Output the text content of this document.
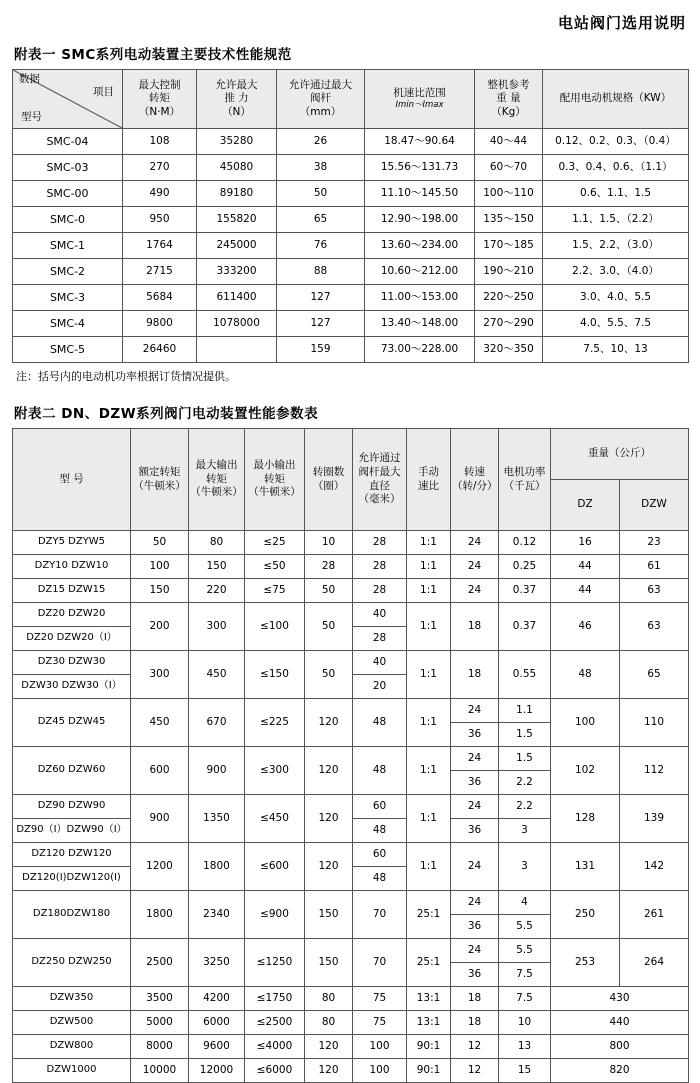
电站阀门选用说明
附表一 SMC系列电动装置主要技术性能规范
数据
项目
型号

最大控制
转矩
（N·M）

允许最大
推 力
（N）

允许通过最大
阀杆
（mm）

机速比范围
Imin～Imax

整机参考
重 量
（Kg）

配用电动机规格（KW）

SMC-04	108	35280	26	18.47～90.64	40～44	0.12、0.2、0.3、（0.4）
SMC-03	270	45080	38	15.56～131.73	60～70	0.3、0.4、0.6、（1.1）
SMC-00	490	89180	50	11.10～145.50	100～110	0.6、1.1、1.5
SMC-0	950	155820	65	12.90～198.00	135～150	1.1、1.5、（2.2）
SMC-1	1764	245000	76	13.60～234.00	170～185	1.5、2.2、（3.0）
SMC-2	2715	333200	88	10.60～212.00	190～210	2.2、3.0、（4.0）
SMC-3	5684	611400	127	11.00～153.00	220～250	3.0、4.0、5.5
SMC-4	9800	1078000	127	13.40～148.00	270～290	4.0、5.5、7.5
SMC-5	26460		159	73.00～228.00	320～350	7.5、10、13
注：括号内的电动机功率根据订货情况提供。
附表二 DN、DZW系列阀门电动装置性能参数表
型 号	
额定转矩
（牛顿米）

最大输出
转矩
（牛顿米）

最小输出
转矩
（牛顿米）

转圈数
（圈）

允许通过
阀杆最大
直径
（毫米）

手动
速比

转速
（转/分）

电机功率
（千瓦）
	重量（公斤）
									DZ	DZW
DZY5 DZYW5	50	80	≤25	10	28	1:1	24	0.12	16	23
DZY10 DZW10	100	150	≤50	28	28	1:1	24	0.25	44	61
DZ15 DZW15	150	220	≤75	50	28	1:1	24	0.37	44	63
DZ20 DZW20	200	300	≤100	50	40	1:1	18	0.37	46	63
DZ20 DZW20（Ⅰ）					28					
DZ30 DZW30	300	450	≤150	50	40	1:1	18	0.55	48	65
DZW30 DZW30（Ⅰ）					20					
DZ45 DZW45	450	670	≤225	120	48	1:1	24	1.1	100	110
							36	1.5		
DZ60 DZW60	600	900	≤300	120	48	1:1	24	1.5	102	112
							36	2.2		
DZ90 DZW90	900	1350	≤450	120	60	1:1	24	2.2	128	139
DZ90（Ⅰ）DZW90（Ⅰ）					48		36	3		
DZ120 DZW120	1200	1800	≤600	120	60	1:1	24	3	131	142
DZ120(Ⅰ)DZW120(Ⅰ)					48					
DZ180DZW180	1800	2340	≤900	150	70	25:1	24	4	250	261
							36	5.5		
DZ250 DZW250	2500	3250	≤1250	150	70	25:1	24	5.5	253	264
							36	7.5		
DZW350	3500	4200	≤1750	80	75	13:1	18	7.5	430	
DZW500	5000	6000	≤2500	80	75	13:1	18	10	440	
DZW800	8000	9600	≤4000	120	100	90:1	12	13	800	
DZW1000	10000	12000	≤6000	120	100	90:1	12	15	820	
